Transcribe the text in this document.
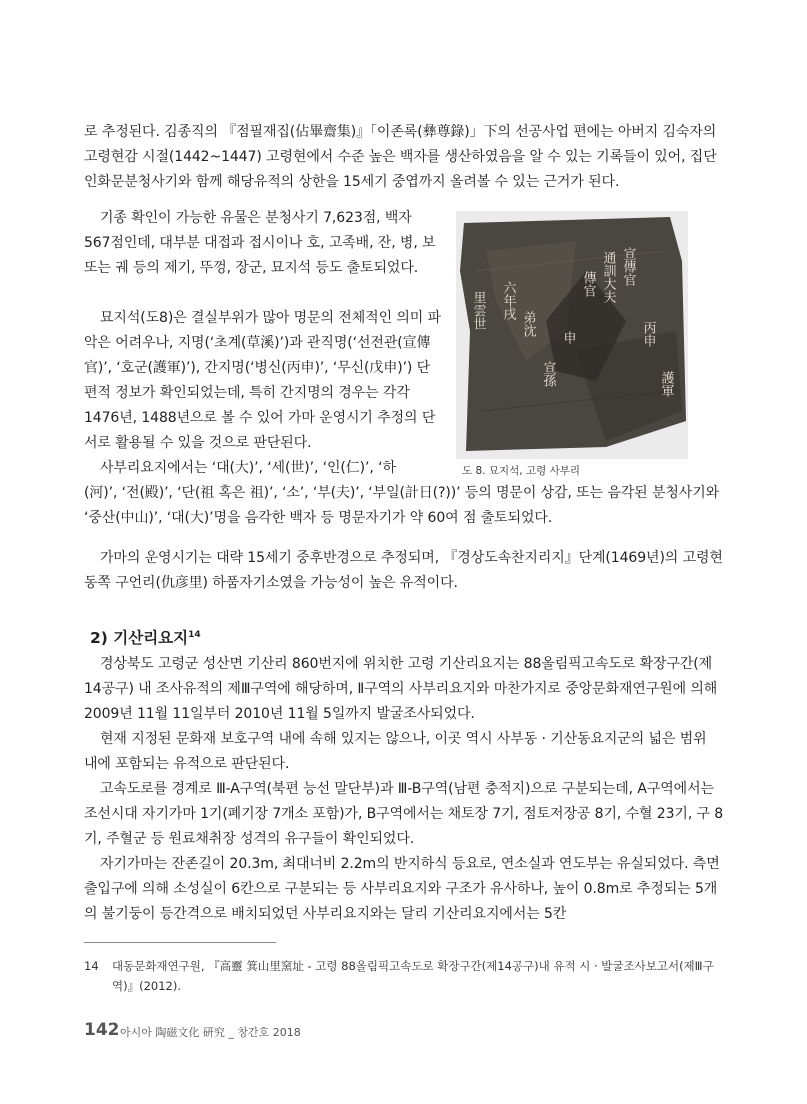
로 추정된다. 김종직의 『점필재집(佔畢齋集)』「이존록(彝尊錄)」下의 선공사업 편에는 아버지 김숙자의 고령현감 시절(1442~1447) 고령현에서 수준 높은 백자를 생산하였음을 알 수 있는 기록들이 있어, 집단인화문분청사기와 함께 해당유적의 상한을 15세기 중엽까지 올려볼 수 있는 근거가 된다.

기종 확인이 가능한 유물은 분청사기 7,623점, 백자 567점인데, 대부분 대접과 접시이나 호, 고족배, 잔, 병, 보 또는 궤 등의 제기, 뚜껑, 장군, 묘지석 등도 출토되었다.

묘지석(도8)은 결실부위가 많아 명문의 전체적인 의미 파악은 어려우나, 지명(‘초계(草溪)’)과 관직명(‘선전관(宣傳官)’, ‘호군(護軍)’), 간지명(‘병신(丙申)’, ‘무신(戊申)’) 단편적 정보가 확인되었는데, 특히 간지명의 경우는 각각 1476년, 1488년으로 볼 수 있어 가마 운영시기 추정의 단서로 활용될 수 있을 것으로 판단된다.

사부리요지에서는 ‘대(大)’, ‘세(世)’, ‘인(仁)’, ‘하

(河)’, ‘전(殿)’, ‘단(祖 혹은 祖)’, ‘소’, ‘부(夫)’, ‘부일(計日(?))’ 등의 명문이 상감, 또는 음각된 분청사기와 ‘중산(中山)’, ‘대(大)’명을 음각한 백자 등 명문자기가 약 60여 점 출토되었다.

가마의 운영시기는 대략 15세기 중후반경으로 추정되며, 『경상도속찬지리지』단계(1469년)의 고령현 동쪽 구언리(仇彦里) 하품자기소였을 가능성이 높은 유적이다.

2) 기산리요지$^{14}$

경상북도 고령군 성산면 기산리 860번지에 위치한 고령 기산리요지는 88올림픽고속도로 확장구간(제14공구) 내 조사유적의 제Ⅲ구역에 해당하며, Ⅱ구역의 사부리요지와 마찬가지로 중앙문화재연구원에 의해 2009년 11월 11일부터 2010년 11월 5일까지 발굴조사되었다.

현재 지정된 문화재 보호구역 내에 속해 있지는 않으나, 이곳 역시 사부동 · 기산동요지군의 넓은 범위 내에 포함되는 유적으로 판단된다.

고속도로를 경계로 Ⅲ-A구역(북편 능선 말단부)과 Ⅲ-B구역(남편 충적지)으로 구분되는데, A구역에서는 조선시대 자기가마 1기(폐기장 7개소 포함)가, B구역에서는 채토장 7기, 점토저장공 8기, 수혈 23기, 구 8기, 주혈군 등 원료채취장 성격의 유구들이 확인되었다.

자기가마는 잔존길이 20.3m, 최대너비 2.2m의 반지하식 등요로, 연소실과 연도부는 유실되었다. 측면출입구에 의해 소성실이 6칸으로 구분되는 등 사부리요지와 구조가 유사하나, 높이 0.8m로 추정되는 5개의 불기둥이 등간격으로 배치되었던 사부리요지와는 달리 기산리요지에서는 5칸

里雲世 六年戌
弟沈
宣孫
申
傳官 通訓大夫 宣傳官
丙申
護軍

도 8. 묘지석, 고령 사부리

14 대동문화재연구원, 『高靈 箕山里窯址 - 고령 88올림픽고속도로 확장구간(제14공구)내 유적 시 · 발굴조사보고서(제Ⅲ구역)』(2012).
142 아시아 陶磁文化 硏究 _ 창간호 2018
